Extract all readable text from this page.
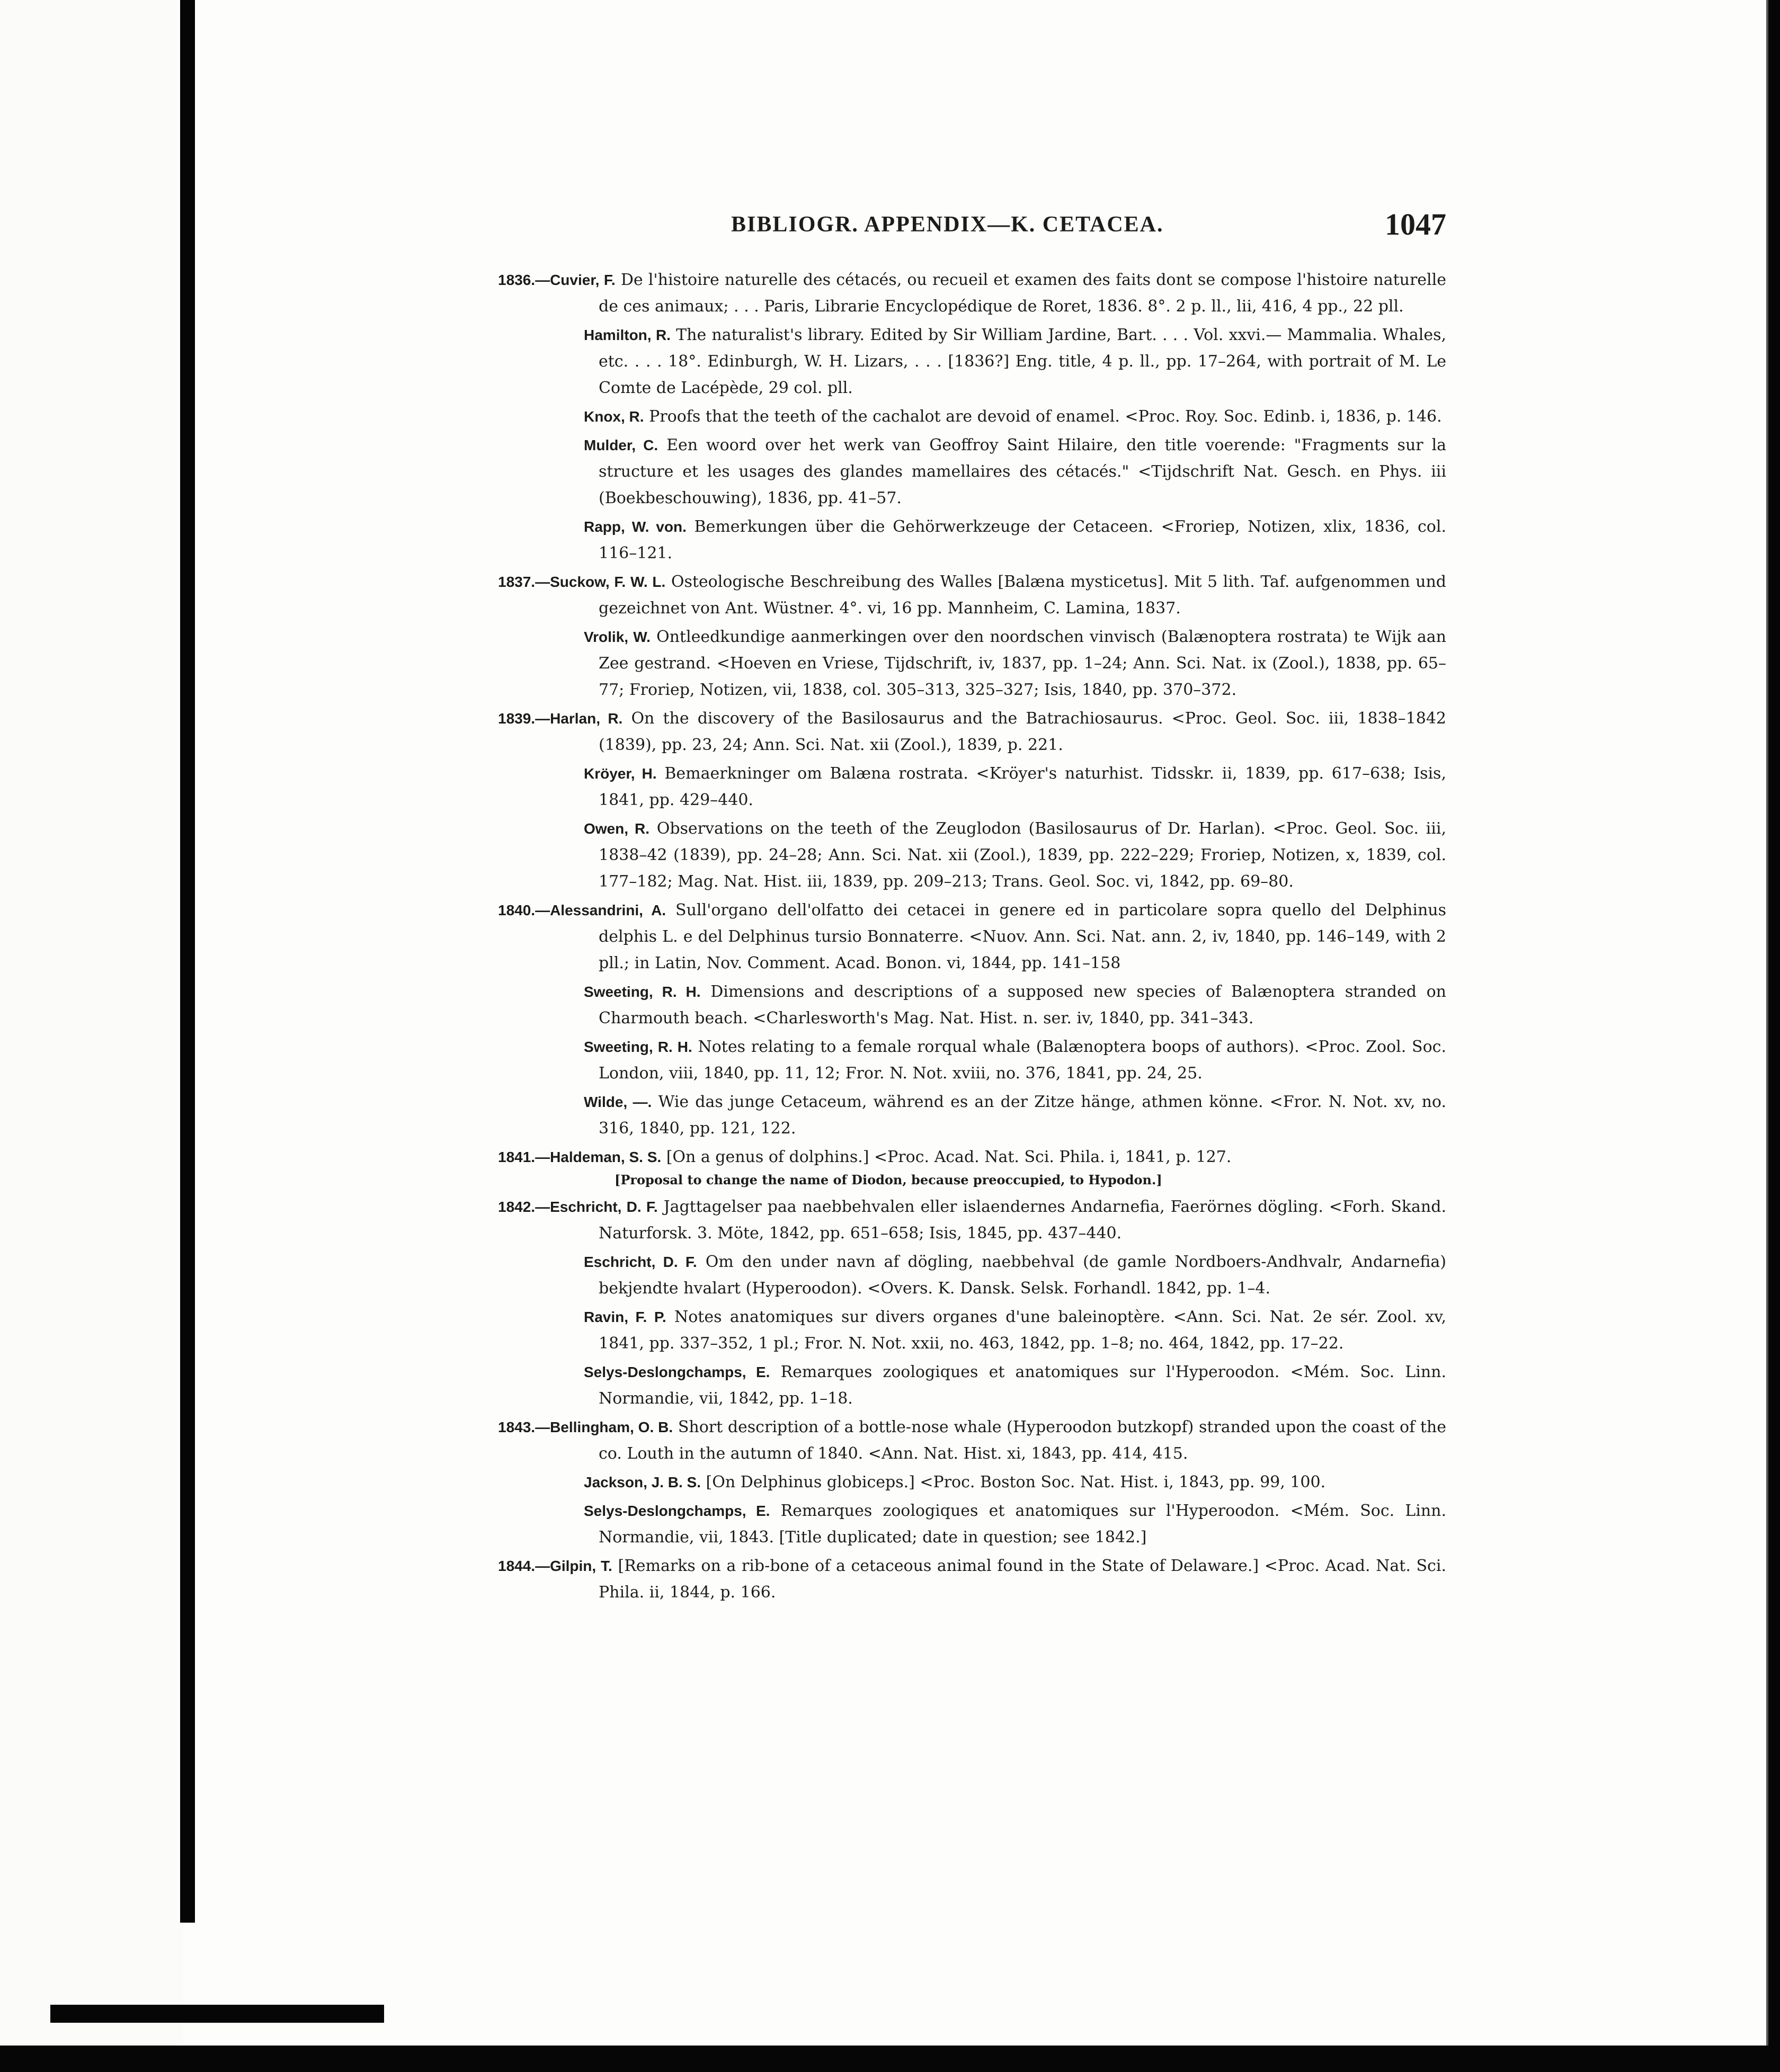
BIBLIOGR. APPENDIX—K. CETACEA.	1047
1836.—Cuvier, F. De l'histoire naturelle des cétacés, ou recueil et examen des faits dont se compose l'histoire naturelle de ces animaux; . . . Paris, Librarie Encyclopédique de Roret, 1836. 8°. 2 p. ll., lii, 416, 4 pp., 22 pll.
Hamilton, R. The naturalist's library. Edited by Sir William Jardine, Bart. . . . Vol. xxvi.— Mammalia. Whales, etc. . . . 18°. Edinburgh, W. H. Lizars, . . . [1836?] Eng. title, 4 p. ll., pp. 17–264, with portrait of M. Le Comte de Lacépède, 29 col. pll.
Knox, R. Proofs that the teeth of the cachalot are devoid of enamel. <Proc. Roy. Soc. Edinb. i, 1836, p. 146.
Mulder, C. Een woord over het werk van Geoffroy Saint Hilaire, den title voerende: "Fragments sur la structure et les usages des glandes mamellaires des cétacés." <Tijdschrift Nat. Gesch. en Phys. iii (Boekbeschouwing), 1836, pp. 41–57.
Rapp, W. von. Bemerkungen über die Gehörwerkzeuge der Cetaceen. <Froriep, Notizen, xlix, 1836, col. 116–121.
1837.—Suckow, F. W. L. Osteologische Beschreibung des Walles [Balæna mysticetus]. Mit 5 lith. Taf. aufgenommen und gezeichnet von Ant. Wüstner. 4°. vi, 16 pp. Mannheim, C. Lamina, 1837.
Vrolik, W. Ontleedkundige aanmerkingen over den noordschen vinvisch (Balænoptera rostrata) te Wijk aan Zee gestrand. <Hoeven en Vriese, Tijdschrift, iv, 1837, pp. 1–24; Ann. Sci. Nat. ix (Zool.), 1838, pp. 65–77; Froriep, Notizen, vii, 1838, col. 305–313, 325–327; Isis, 1840, pp. 370–372.
1839.—Harlan, R. On the discovery of the Basilosaurus and the Batrachiosaurus. <Proc. Geol. Soc. iii, 1838–1842 (1839), pp. 23, 24; Ann. Sci. Nat. xii (Zool.), 1839, p. 221.
Kröyer, H. Bemaerkninger om Balæna rostrata. <Kröyer's naturhist. Tidsskr. ii, 1839, pp. 617–638; Isis, 1841, pp. 429–440.
Owen, R. Observations on the teeth of the Zeuglodon (Basilosaurus of Dr. Harlan). <Proc. Geol. Soc. iii, 1838–42 (1839), pp. 24–28; Ann. Sci. Nat. xii (Zool.), 1839, pp. 222–229; Froriep, Notizen, x, 1839, col. 177–182; Mag. Nat. Hist. iii, 1839, pp. 209–213; Trans. Geol. Soc. vi, 1842, pp. 69–80.
1840.—Alessandrini, A. Sull'organo dell'olfatto dei cetacei in genere ed in particolare sopra quello del Delphinus delphis L. e del Delphinus tursio Bonnaterre. <Nuov. Ann. Sci. Nat. ann. 2, iv, 1840, pp. 146–149, with 2 pll.; in Latin, Nov. Comment. Acad. Bonon. vi, 1844, pp. 141–158
Sweeting, R. H. Dimensions and descriptions of a supposed new species of Balænoptera stranded on Charmouth beach. <Charlesworth's Mag. Nat. Hist. n. ser. iv, 1840, pp. 341–343.
Sweeting, R. H. Notes relating to a female rorqual whale (Balænoptera boops of authors). <Proc. Zool. Soc. London, viii, 1840, pp. 11, 12; Fror. N. Not. xviii, no. 376, 1841, pp. 24, 25.
Wilde, —. Wie das junge Cetaceum, während es an der Zitze hänge, athmen könne. <Fror. N. Not. xv, no. 316, 1840, pp. 121, 122.
1841.—Haldeman, S. S. [On a genus of dolphins.] <Proc. Acad. Nat. Sci. Phila. i, 1841, p. 127.
[Proposal to change the name of Diodon, because preoccupied, to Hypodon.]
1842.—Eschricht, D. F. Jagttagelser paa naebbehvalen eller islaendernes Andarnefia, Faerörnes dögling. <Forh. Skand. Naturforsk. 3. Möte, 1842, pp. 651–658; Isis, 1845, pp. 437–440.
Eschricht, D. F. Om den under navn af dögling, naebbehval (de gamle Nordboers-Andhvalr, Andarnefia) bekjendte hvalart (Hyperoodon). <Overs. K. Dansk. Selsk. Forhandl. 1842, pp. 1–4.
Ravin, F. P. Notes anatomiques sur divers organes d'une baleinoptère. <Ann. Sci. Nat. 2e sér. Zool. xv, 1841, pp. 337–352, 1 pl.; Fror. N. Not. xxii, no. 463, 1842, pp. 1–8; no. 464, 1842, pp. 17–22.
Selys-Deslongchamps, E. Remarques zoologiques et anatomiques sur l'Hyperoodon. <Mém. Soc. Linn. Normandie, vii, 1842, pp. 1–18.
1843.—Bellingham, O. B. Short description of a bottle-nose whale (Hyperoodon butzkopf) stranded upon the coast of the co. Louth in the autumn of 1840. <Ann. Nat. Hist. xi, 1843, pp. 414, 415.
Jackson, J. B. S. [On Delphinus globiceps.] <Proc. Boston Soc. Nat. Hist. i, 1843, pp. 99, 100.
Selys-Deslongchamps, E. Remarques zoologiques et anatomiques sur l'Hyperoodon. <Mém. Soc. Linn. Normandie, vii, 1843. [Title duplicated; date in question; see 1842.]
1844.—Gilpin, T. [Remarks on a rib-bone of a cetaceous animal found in the State of Delaware.] <Proc. Acad. Nat. Sci. Phila. ii, 1844, p. 166.
